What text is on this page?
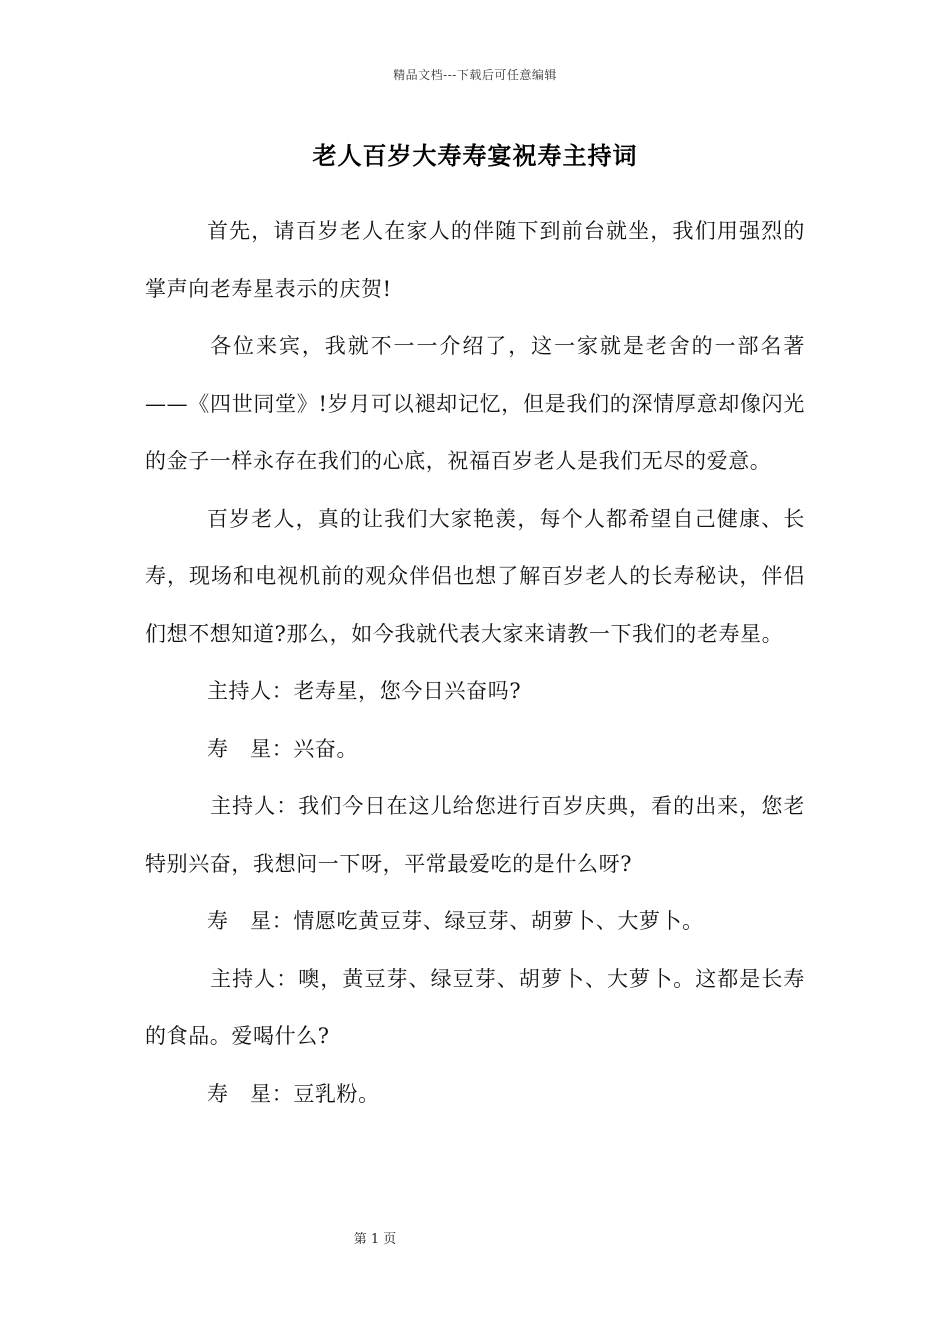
精品文档---下载后可任意编辑
老人百岁大寿寿宴祝寿主持词

首先，请百岁老人在家人的伴随下到前台就坐，我们用强烈的掌声向老寿星表示的庆贺!

各位来宾，我就不一一介绍了，这一家就是老舍的一部名著——《四世同堂》!岁月可以褪却记忆，但是我们的深情厚意却像闪光的金子一样永存在我们的心底，祝福百岁老人是我们无尽的爱意。

百岁老人，真的让我们大家艳羡，每个人都希望自己健康、长寿，现场和电视机前的观众伴侣也想了解百岁老人的长寿秘诀，伴侣们想不想知道?那么，如今我就代表大家来请教一下我们的老寿星。

主持人：老寿星，您今日兴奋吗?

寿　星：兴奋。

主持人：我们今日在这儿给您进行百岁庆典，看的出来，您老特别兴奋，我想问一下呀，平常最爱吃的是什么呀?

寿　星：情愿吃黄豆芽、绿豆芽、胡萝卜、大萝卜。

主持人：噢，黄豆芽、绿豆芽、胡萝卜、大萝卜。这都是长寿的食品。爱喝什么?

寿　星：豆乳粉。

第 1 页
